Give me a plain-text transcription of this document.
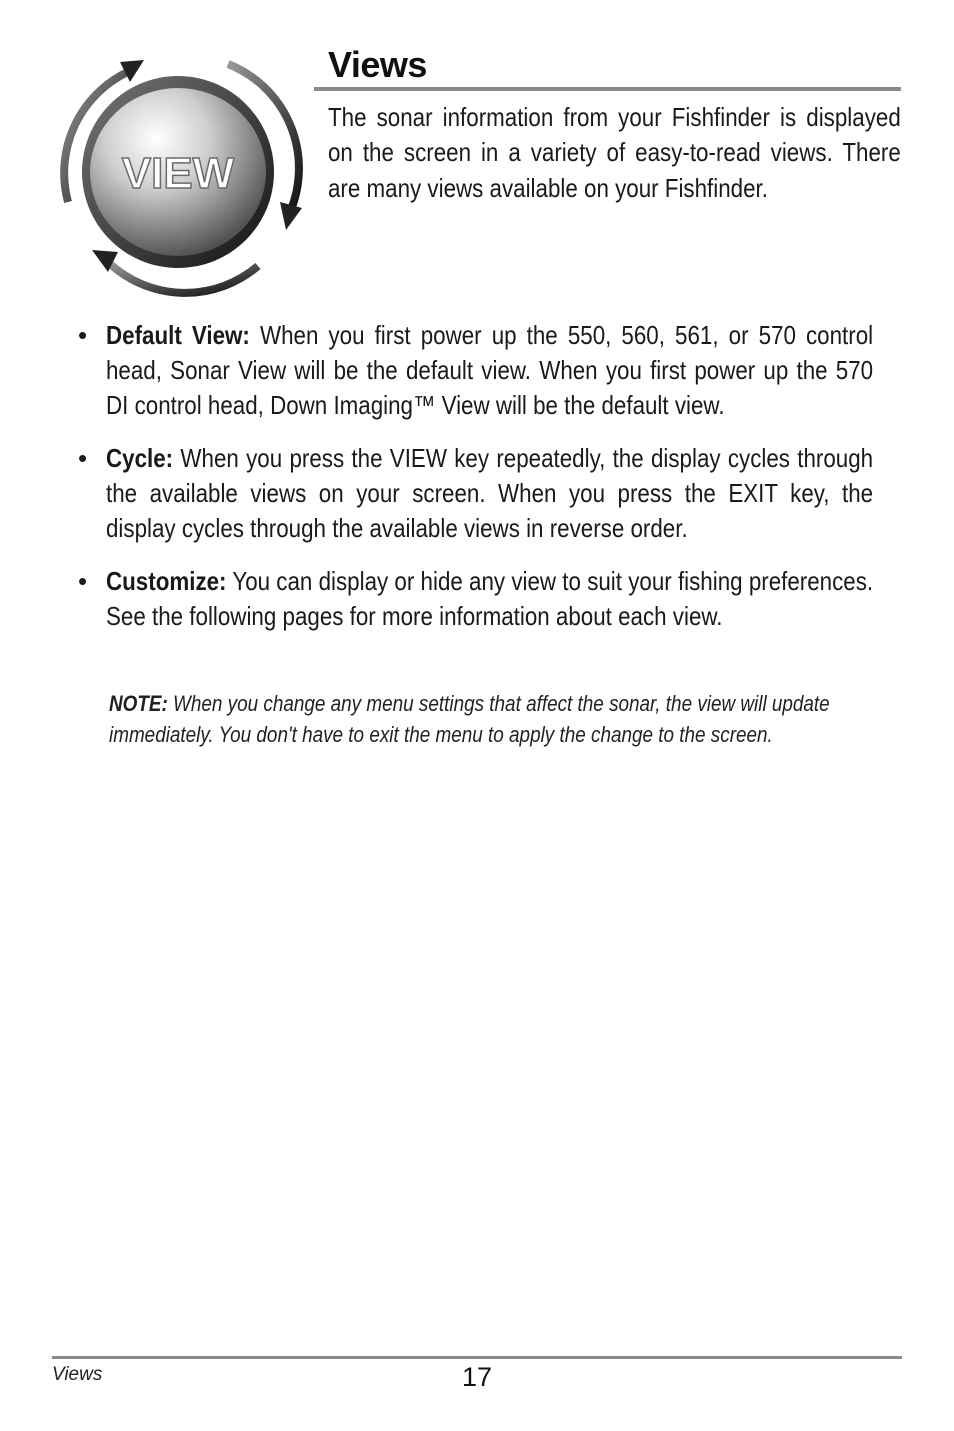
VIEW
Views

The sonar information from your Fishfinder is displayed on the screen in a variety of easy-to-read views. There are many views available on your Fishfinder.

• Default View: When you first power up the 550, 560, 561, or 570 control head, Sonar View will be the default view. When you first power up the 570 DI control head, Down Imaging™ View will be the default view.
• Cycle: When you press the VIEW key repeatedly, the display cycles through the available views on your screen. When you press the EXIT key, the display cycles through the available views in reverse order.
• Customize: You can display or hide any view to suit your fishing preferences. See the following pages for more information about each view.

NOTE: When you change any menu settings that affect the sonar, the view will update immediately. You don't have to exit the menu to apply the change to the screen.

Views	17
